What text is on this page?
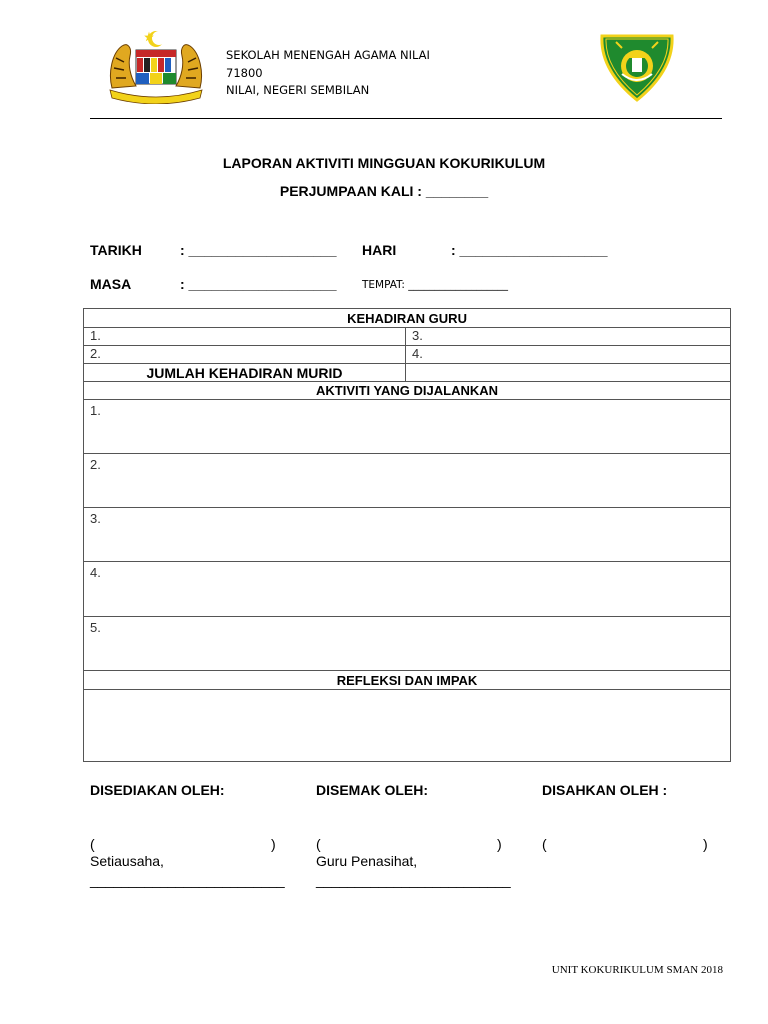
SEKOLAH MENENGAH AGAMA NILAI
71800
NILAI, NEGERI SEMBILAN
LAPORAN AKTIVITI MINGGUAN KOKURIKULUM
PERJUMPAAN KALI : ________
TARIKH	: ___________________ HARI	: ___________________
MASA	: ___________________ TEMPAT: ___________________
KEHADIRAN GURU	
1.	3.
2.	4.
JUMLAH KEHADIRAN MURID	
AKTIVITI YANG DIJALANKAN	
1.	
2.	
3.	
4.	
5.	
REFLEKSI DAN IMPAK	

DISEDIAKAN OLEH:	DISEMAK OLEH:	DISAHKAN OLEH :
(	)	(	)	(	)
Setiausaha,	Guru Penasihat,
_________________________ _________________________
UNIT KOKURIKULUM SMAN 2018
